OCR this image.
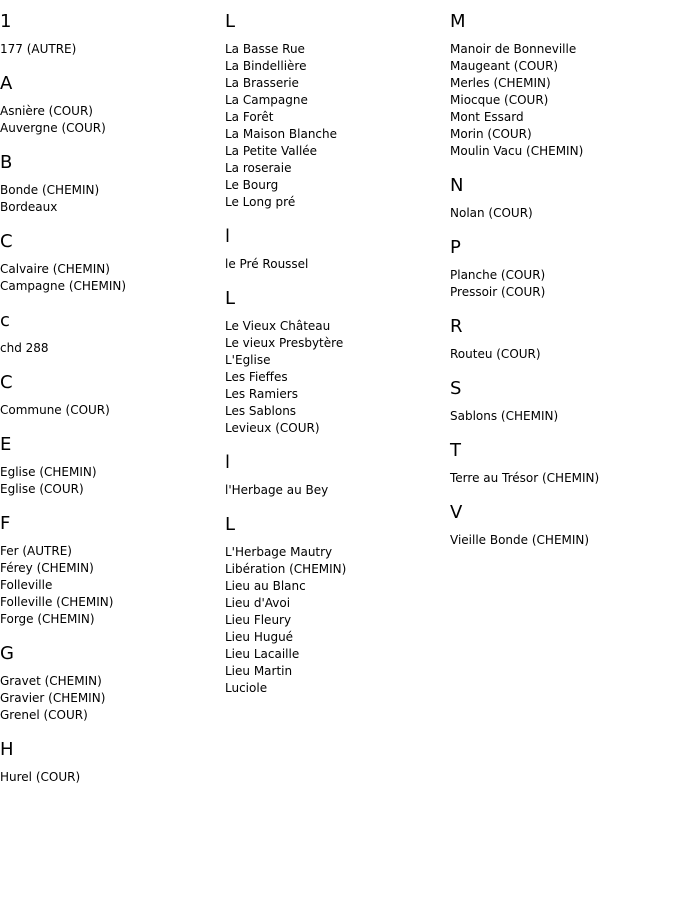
1
177 (AUTRE)
A
Asnière (COUR)
Auvergne (COUR)
B
Bonde (CHEMIN)
Bordeaux
C
Calvaire (CHEMIN)
Campagne (CHEMIN)
c
chd 288
C
Commune (COUR)
E
Eglise (CHEMIN)
Eglise (COUR)
F
Fer (AUTRE)
Férey (CHEMIN)
Folleville
Folleville (CHEMIN)
Forge (CHEMIN)
G
Gravet (CHEMIN)
Gravier (CHEMIN)
Grenel (COUR)
H
Hurel (COUR)
L
La Basse Rue
La Bindellière
La Brasserie
La Campagne
La Forêt
La Maison Blanche
La Petite Vallée
La roseraie
Le Bourg
Le Long pré
l
le Pré Roussel
L
Le Vieux Château
Le vieux Presbytère
L'Eglise
Les Fieffes
Les Ramiers
Les Sablons
Levieux (COUR)
l
l'Herbage au Bey
L
L'Herbage Mautry
Libération (CHEMIN)
Lieu au Blanc
Lieu d'Avoi
Lieu Fleury
Lieu Hugué
Lieu Lacaille
Lieu Martin
Luciole
M
Manoir de Bonneville
Maugeant (COUR)
Merles (CHEMIN)
Miocque (COUR)
Mont Essard
Morin (COUR)
Moulin Vacu (CHEMIN)
N
Nolan (COUR)
P
Planche (COUR)
Pressoir (COUR)
R
Routeu (COUR)
S
Sablons (CHEMIN)
T
Terre au Trésor (CHEMIN)
V
Vieille Bonde (CHEMIN)
